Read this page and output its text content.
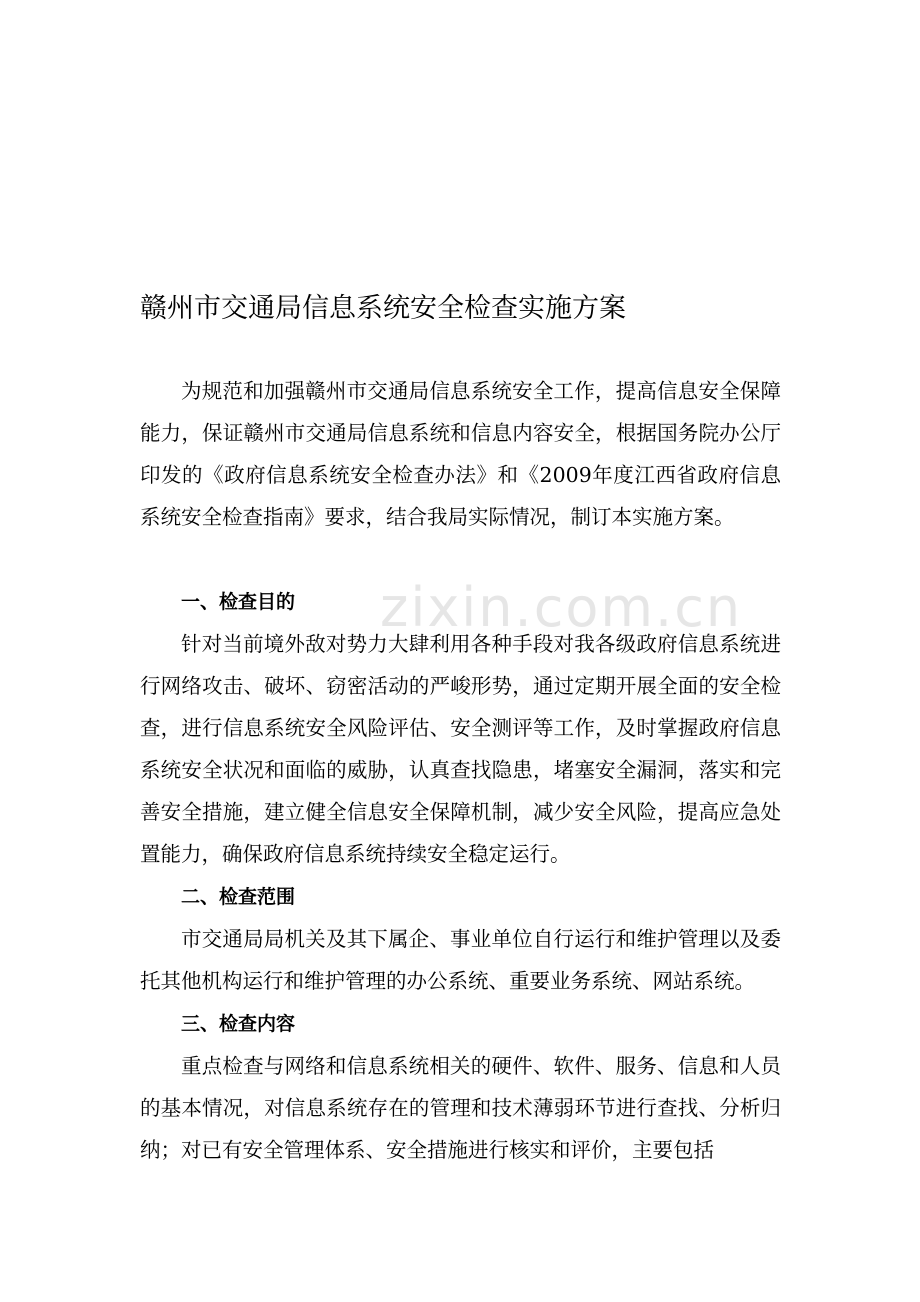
zixin.com.cn
赣州市交通局信息系统安全检查实施方案

为规范和加强赣州市交通局信息系统安全工作，提高信息安全保障能力，保证赣州市交通局信息系统和信息内容安全，根据国务院办公厅印发的《政府信息系统安全检查办法》和《2009年度江西省政府信息系统安全检查指南》要求，结合我局实际情况，制订本实施方案。

一、检查目的

针对当前境外敌对势力大肆利用各种手段对我各级政府信息系统进行网络攻击、破坏、窃密活动的严峻形势，通过定期开展全面的安全检查，进行信息系统安全风险评估、安全测评等工作，及时掌握政府信息系统安全状况和面临的威胁，认真查找隐患，堵塞安全漏洞，落实和完善安全措施，建立健全信息安全保障机制，减少安全风险，提高应急处置能力，确保政府信息系统持续安全稳定运行。

二、检查范围

市交通局局机关及其下属企、事业单位自行运行和维护管理以及委托其他机构运行和维护管理的办公系统、重要业务系统、网站系统。

三、检查内容

重点检查与网络和信息系统相关的硬件、软件、服务、信息和人员的基本情况，对信息系统存在的管理和技术薄弱环节进行查找、分析归纳；对已有安全管理体系、安全措施进行核实和评价，主要包括
